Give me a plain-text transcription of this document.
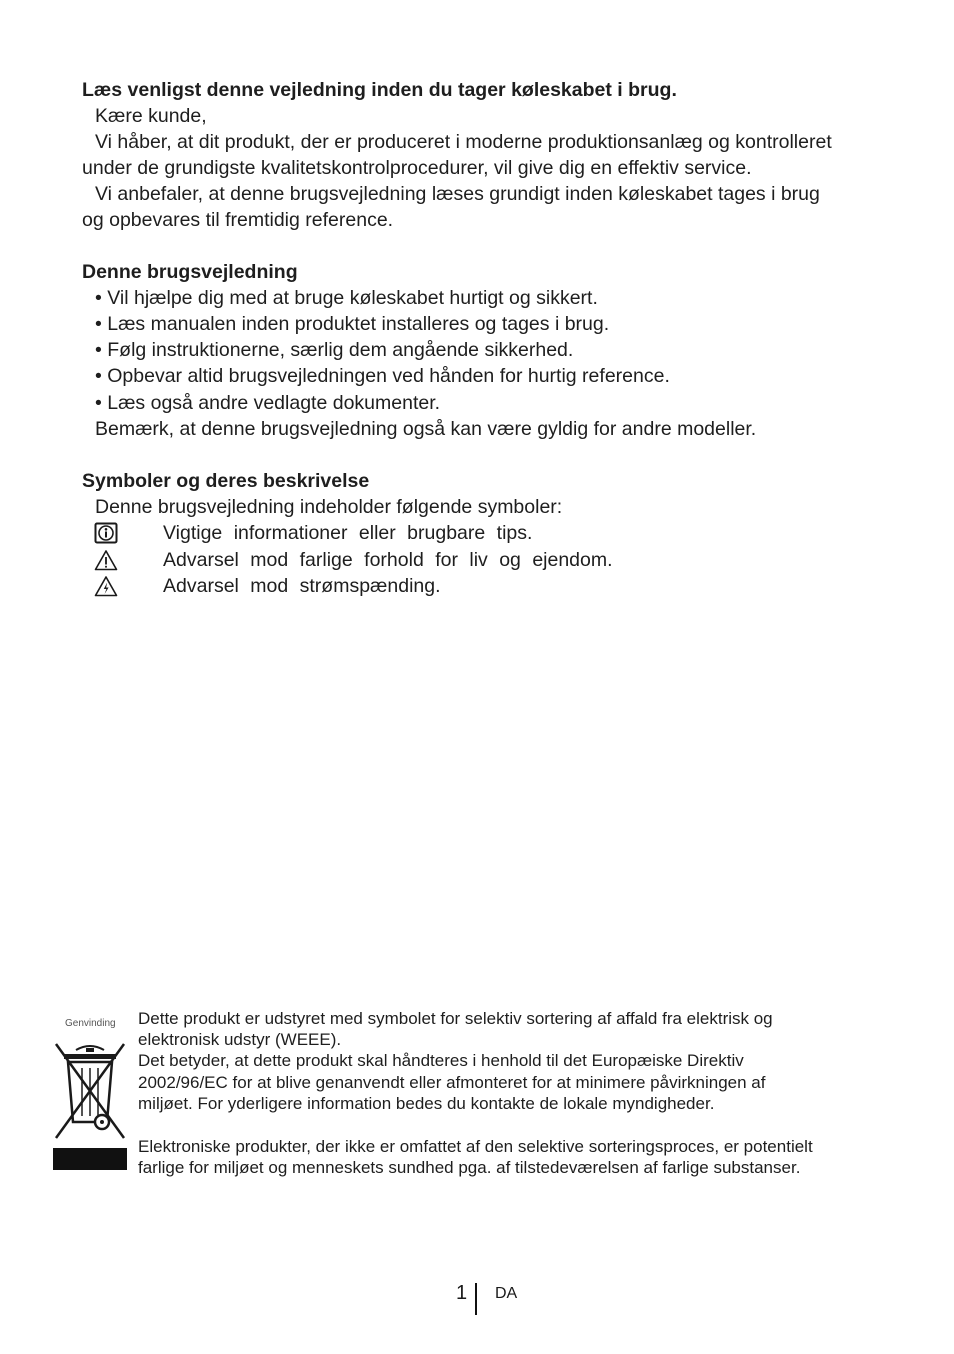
Læs venligst denne vejledning inden du tager køleskabet i brug.
Kære kunde,
Vi håber, at dit produkt, der er produceret i moderne produktionsanlæg og kontrolleret
under de grundigste kvalitetskontrolprocedurer, vil give dig en effektiv service.
Vi anbefaler, at denne brugsvejledning læses grundigt inden køleskabet tages i brug
og opbevares til fremtidig reference.
Denne brugsvejledning
• Vil hjælpe dig med at bruge køleskabet hurtigt og sikkert.
• Læs manualen inden produktet installeres og tages i brug.
• Følg instruktionerne, særlig dem angående sikkerhed.
• Opbevar altid brugsvejledningen ved hånden for hurtig reference.
• Læs også andre vedlagte dokumenter.
Bemærk, at denne brugsvejledning også kan være gyldig for andre modeller.
Symboler og deres beskrivelse
Denne brugsvejledning indeholder følgende symboler:
Vigtige informationer eller brugbare tips.
Advarsel mod farlige forhold for liv og ejendom.
Advarsel mod strømspænding.
Genvinding Dette produkt er udstyret med symbolet for selektiv sortering af affald fra elektrisk og
elektronisk udstyr (WEEE).
Det betyder, at dette produkt skal håndteres i henhold til det Europæiske Direktiv
2002/96/EC for at blive genanvendt eller afmonteret for at minimere påvirkningen af
miljøet. For yderligere information bedes du kontakte de lokale myndigheder.
Elektroniske produkter, der ikke er omfattet af den selektive sorteringsproces, er potentielt
farlige for miljøet og menneskets sundhed pga. af tilstedeværelsen af farlige substanser.
1 DA
